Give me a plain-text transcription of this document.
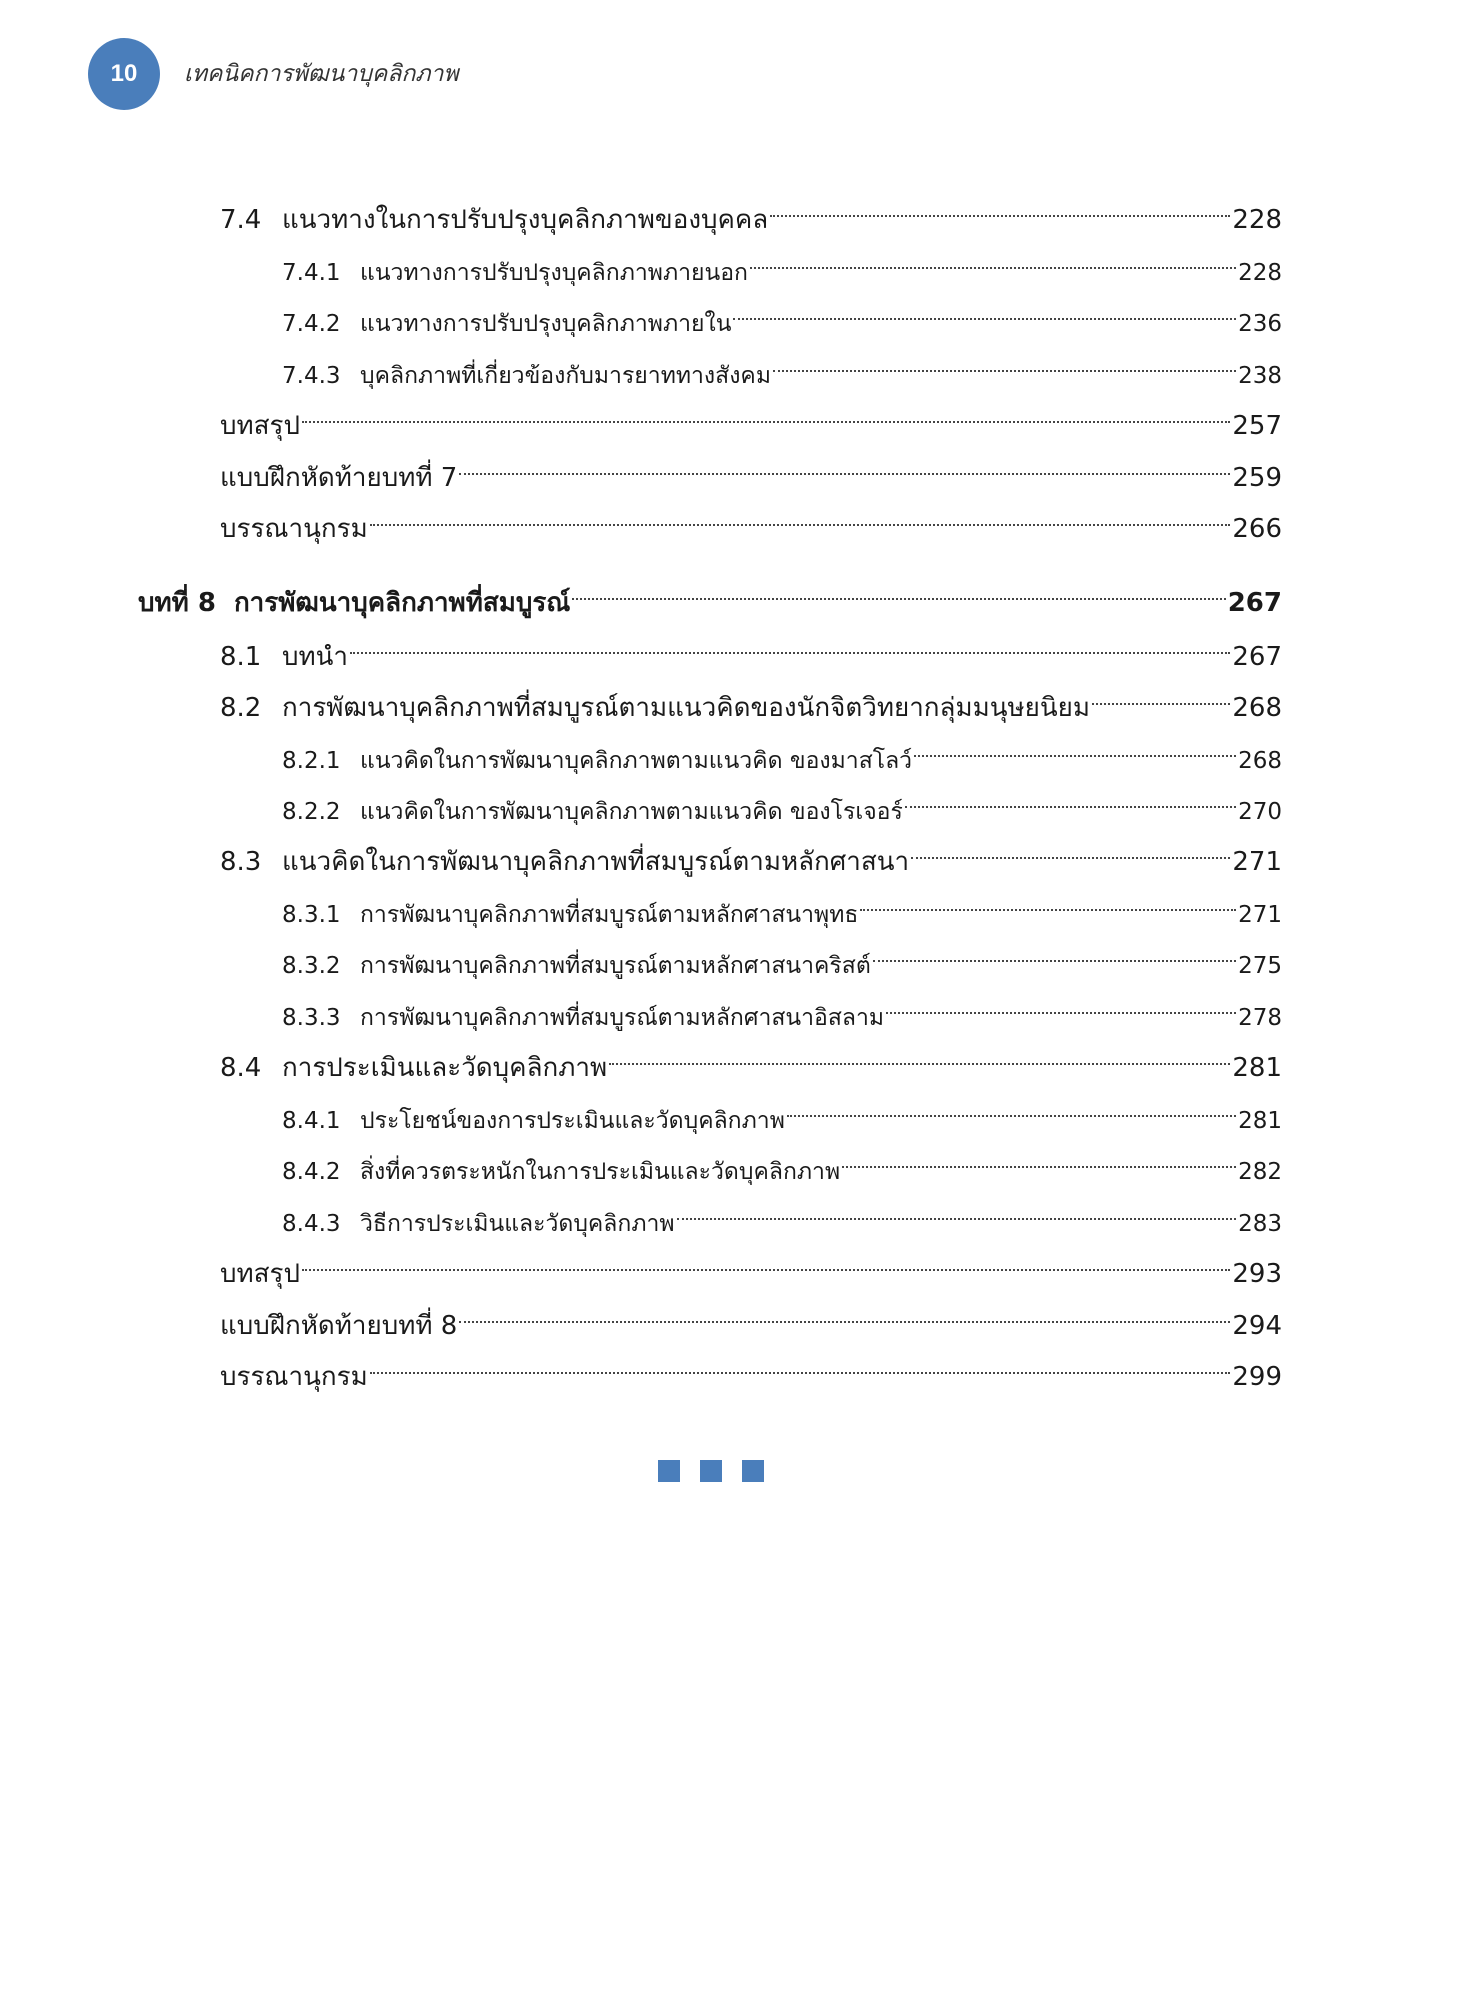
10 เทคนิคการพัฒนาบุคลิกภาพ
7.4 แนวทางในการปรับปรุงบุคลิกภาพของบุคคล	228
7.4.1 แนวทางการปรับปรุงบุคลิกภาพภายนอก	228
7.4.2 แนวทางการปรับปรุงบุคลิกภาพภายใน	236
7.4.3 บุคลิกภาพที่เกี่ยวข้องกับมารยาททางสังคม	238
บทสรุป	257
แบบฝึกหัดท้ายบทที่ 7	259
บรรณานุกรม	266
บทที่ 8 การพัฒนาบุคลิกภาพที่สมบูรณ์	267
8.1 บทนำ	267
8.2 การพัฒนาบุคลิกภาพที่สมบูรณ์ตามแนวคิดของนักจิตวิทยากลุ่มมนุษยนิยม	268
8.2.1 แนวคิดในการพัฒนาบุคลิกภาพตามแนวคิด ของมาสโลว์	268
8.2.2 แนวคิดในการพัฒนาบุคลิกภาพตามแนวคิด ของโรเจอร์	270
8.3 แนวคิดในการพัฒนาบุคลิกภาพที่สมบูรณ์ตามหลักศาสนา	271
8.3.1 การพัฒนาบุคลิกภาพที่สมบูรณ์ตามหลักศาสนาพุทธ	271
8.3.2 การพัฒนาบุคลิกภาพที่สมบูรณ์ตามหลักศาสนาคริสต์	275
8.3.3 การพัฒนาบุคลิกภาพที่สมบูรณ์ตามหลักศาสนาอิสลาม	278
8.4 การประเมินและวัดบุคลิกภาพ	281
8.4.1 ประโยชน์ของการประเมินและวัดบุคลิกภาพ	281
8.4.2 สิ่งที่ควรตระหนักในการประเมินและวัดบุคลิกภาพ	282
8.4.3 วิธีการประเมินและวัดบุคลิกภาพ	283
บทสรุป	293
แบบฝึกหัดท้ายบทที่ 8	294
บรรณานุกรม	299
